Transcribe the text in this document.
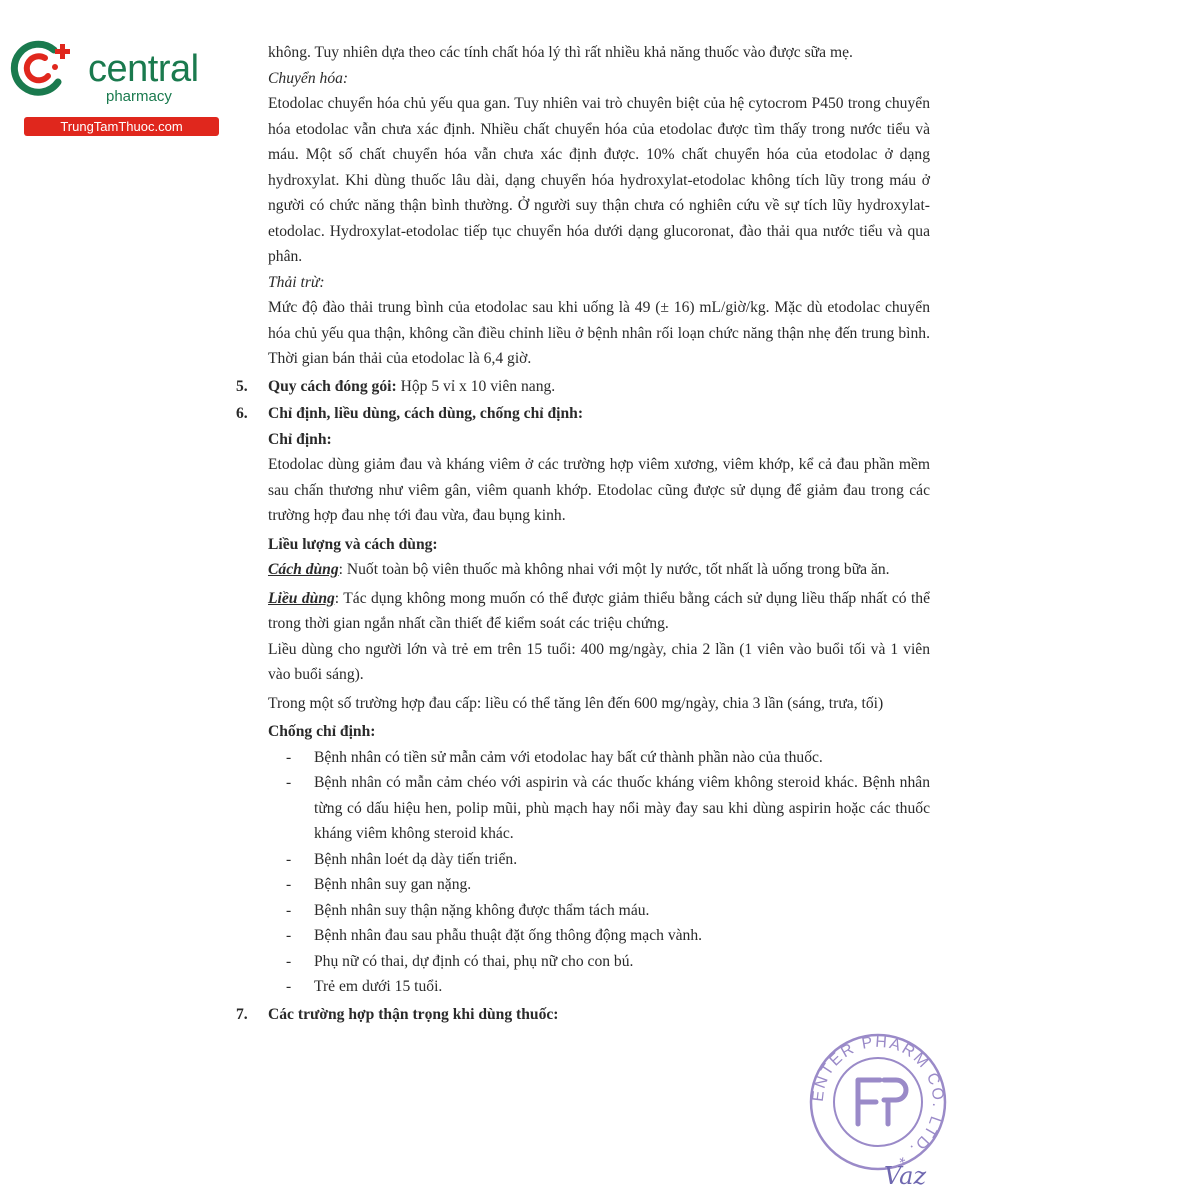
central
pharmacy
TrungTamThuoc.com

không. Tuy nhiên dựa theo các tính chất hóa lý thì rất nhiều khả năng thuốc vào được sữa mẹ.

Chuyển hóa:

Etodolac chuyển hóa chủ yếu qua gan. Tuy nhiên vai trò chuyên biệt của hệ cytocrom P450 trong chuyển hóa etodolac vẫn chưa xác định. Nhiều chất chuyển hóa của etodolac được tìm thấy trong nước tiểu và máu. Một số chất chuyển hóa vẫn chưa xác định được. 10% chất chuyển hóa của etodolac ở dạng hydroxylat. Khi dùng thuốc lâu dài, dạng chuyển hóa hydroxylat-etodolac không tích lũy trong máu ở người có chức năng thận bình thường. Ở người suy thận chưa có nghiên cứu về sự tích lũy hydroxylat-etodolac. Hydroxylat-etodolac tiếp tục chuyển hóa dưới dạng glucoronat, đào thải qua nước tiểu và qua phân.

Thải trừ:

Mức độ đào thải trung bình của etodolac sau khi uống là 49 (± 16) mL/giờ/kg. Mặc dù etodolac chuyển hóa chủ yếu qua thận, không cần điều chỉnh liều ở bệnh nhân rối loạn chức năng thận nhẹ đến trung bình. Thời gian bán thải của etodolac là 6,4 giờ.

5. Quy cách đóng gói: Hộp 5 vỉ x 10 viên nang.

6. Chỉ định, liều dùng, cách dùng, chống chỉ định:

Chỉ định:

Etodolac dùng giảm đau và kháng viêm ở các trường hợp viêm xương, viêm khớp, kể cả đau phần mềm sau chấn thương như viêm gân, viêm quanh khớp. Etodolac cũng được sử dụng để giảm đau trong các trường hợp đau nhẹ tới đau vừa, đau bụng kinh.

Liều lượng và cách dùng:

Cách dùng: Nuốt toàn bộ viên thuốc mà không nhai với một ly nước, tốt nhất là uống trong bữa ăn.

Liều dùng: Tác dụng không mong muốn có thể được giảm thiểu bằng cách sử dụng liều thấp nhất có thể trong thời gian ngắn nhất cần thiết để kiểm soát các triệu chứng.

Liều dùng cho người lớn và trẻ em trên 15 tuổi: 400 mg/ngày, chia 2 lần (1 viên vào buổi tối và 1 viên vào buổi sáng).

Trong một số trường hợp đau cấp: liều có thể tăng lên đến 600 mg/ngày, chia 3 lần (sáng, trưa, tối)

Chống chỉ định:

- Bệnh nhân có tiền sử mẫn cảm với etodolac hay bất cứ thành phần nào của thuốc.
- Bệnh nhân có mẫn cảm chéo với aspirin và các thuốc kháng viêm không steroid khác. Bệnh nhân từng có dấu hiệu hen, polip mũi, phù mạch hay nổi mày đay sau khi dùng aspirin hoặc các thuốc kháng viêm không steroid khác.
- Bệnh nhân loét dạ dày tiến triển.
- Bệnh nhân suy gan nặng.
- Bệnh nhân suy thận nặng không được thẩm tách máu.
- Bệnh nhân đau sau phẫu thuật đặt ống thông động mạch vành.
- Phụ nữ có thai, dự định có thai, phụ nữ cho con bú.
- Trẻ em dưới 15 tuổi.

7. Các trường hợp thận trọng khi dùng thuốc:

ENTER PHARM CO. LTD. *
Vaz
